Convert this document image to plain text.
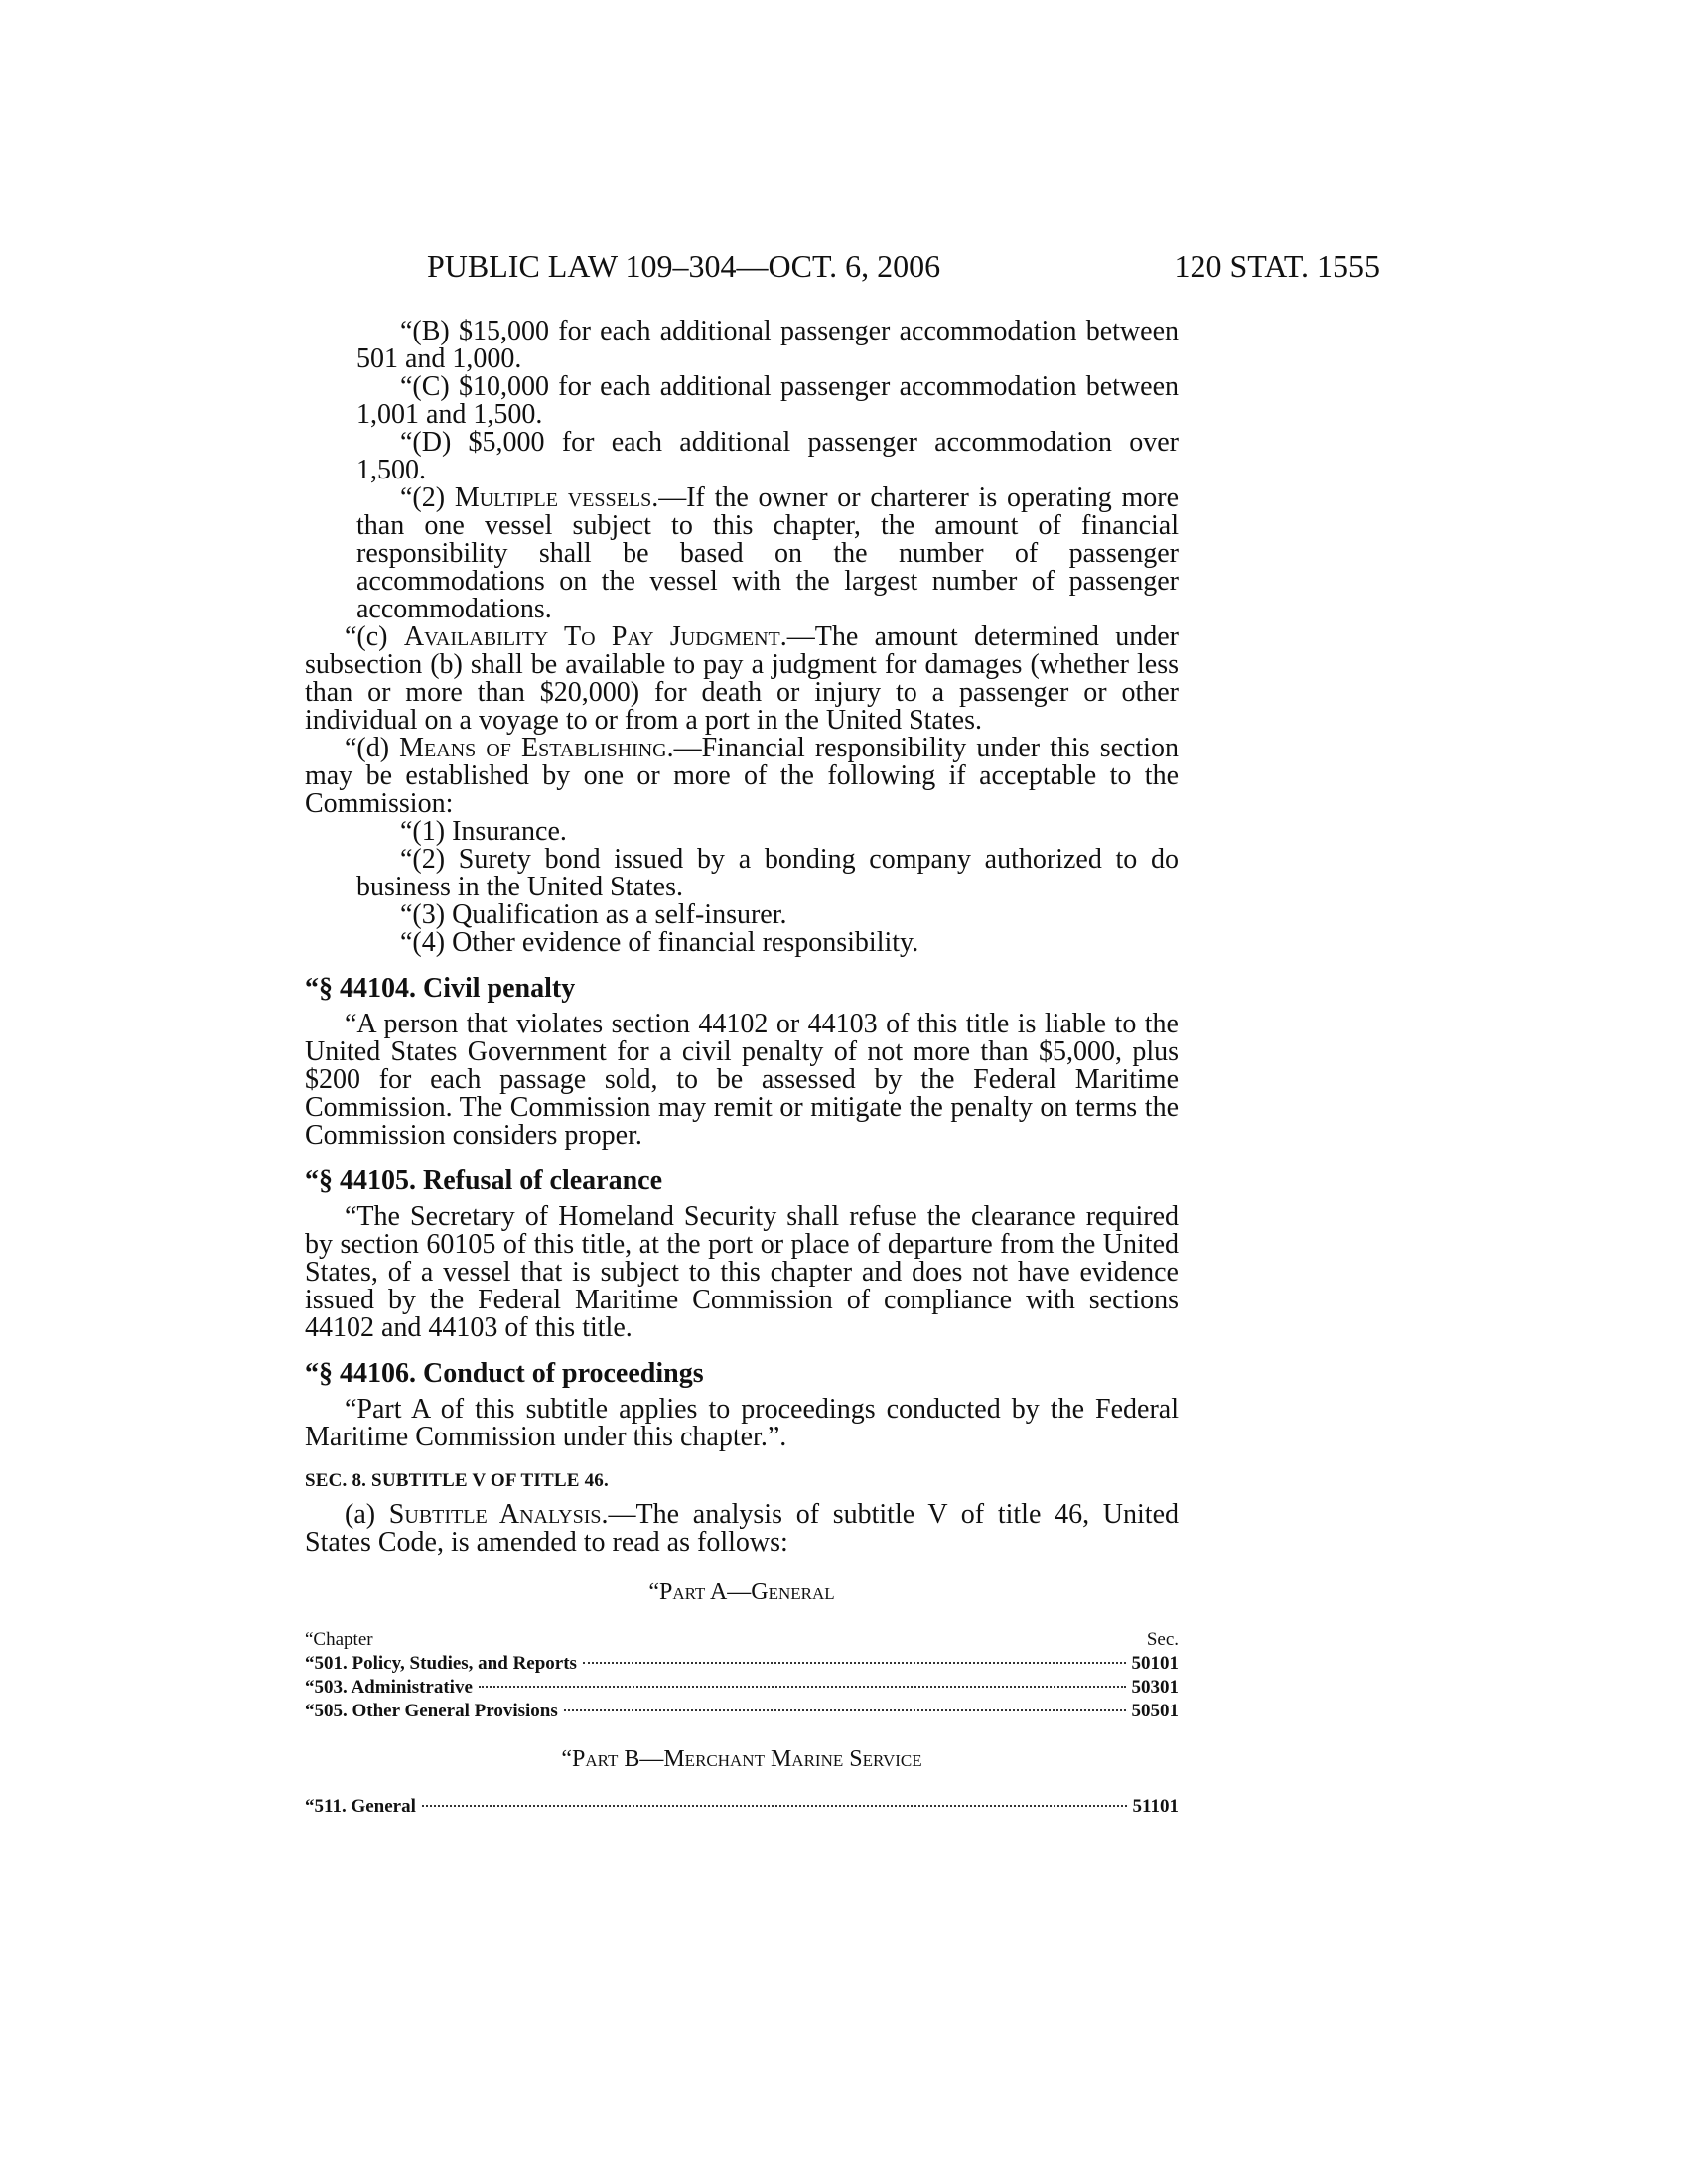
PUBLIC LAW 109–304—OCT. 6, 2006	120 STAT. 1555

“(B) $15,000 for each additional passenger accommodation between 501 and 1,000.

“(C) $10,000 for each additional passenger accommodation between 1,001 and 1,500.

“(D) $5,000 for each additional passenger accommodation over 1,500.

“(2) Multiple vessels.—If the owner or charterer is operating more than one vessel subject to this chapter, the amount of financial responsibility shall be based on the number of passenger accommodations on the vessel with the largest number of passenger accommodations.

“(c) Availability To Pay Judgment.—The amount determined under subsection (b) shall be available to pay a judgment for damages (whether less than or more than $20,000) for death or injury to a passenger or other individual on a voyage to or from a port in the United States.

“(d) Means of Establishing.—Financial responsibility under this section may be established by one or more of the following if acceptable to the Commission:

“(1) Insurance.

“(2) Surety bond issued by a bonding company authorized to do business in the United States.

“(3) Qualification as a self-insurer.

“(4) Other evidence of financial responsibility.

“§ 44104. Civil penalty

“A person that violates section 44102 or 44103 of this title is liable to the United States Government for a civil penalty of not more than $5,000, plus $200 for each passage sold, to be assessed by the Federal Maritime Commission. The Commission may remit or mitigate the penalty on terms the Commission considers proper.

“§ 44105. Refusal of clearance

“The Secretary of Homeland Security shall refuse the clearance required by section 60105 of this title, at the port or place of departure from the United States, of a vessel that is subject to this chapter and does not have evidence issued by the Federal Maritime Commission of compliance with sections 44102 and 44103 of this title.

“§ 44106. Conduct of proceedings

“Part A of this subtitle applies to proceedings conducted by the Federal Maritime Commission under this chapter.”.

SEC. 8. SUBTITLE V OF TITLE 46.

(a) Subtitle Analysis.—The analysis of subtitle V of title 46, United States Code, is amended to read as follows:

“Part A—General

“Chapter	Sec.
“501. Policy, Studies, and Reports	50101
“503. Administrative	50301
“505. Other General Provisions	50501

“Part B—Merchant Marine Service

“511. General	51101
